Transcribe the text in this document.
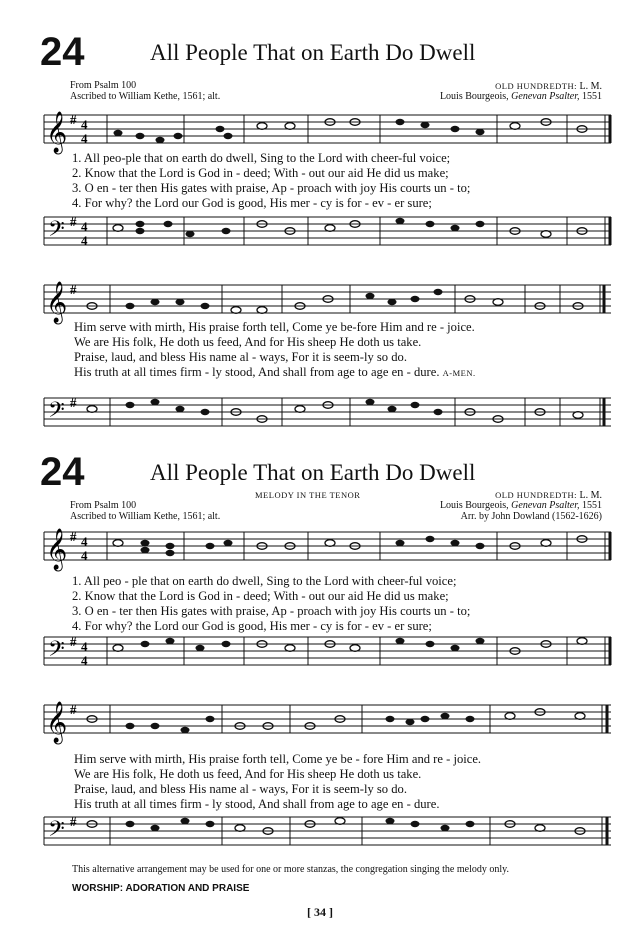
24	All People That on Earth Do Dwell
From Psalm 100
Ascribed to William Kethe, 1561; alt.
OLD HUNDREDTH: L. M.
Louis Bourgeois, Genevan Psalter, 1551
𝄞 # 4
4
1. All peo-ple that on earth do dwell, Sing to the Lord with cheer-ful voice;
2. Know that the Lord is God in - deed; With - out our aid He did us make;
3. O en - ter then His gates with praise, Ap - proach with joy His courts un - to;
4. For why? the Lord our God is good, His mer - cy is for - ev - er sure;
𝄢 # 4
4
𝄞 #
Him serve with mirth, His praise forth tell, Come ye be-fore Him and re - joice.
We are His folk, He doth us feed, And for His sheep He doth us take.
Praise, laud, and bless His name al - ways, For it is seem-ly so do.
His truth at all times firm - ly stood, And shall from age to age en - dure. A-MEN.
𝄢 #
24	All People That on Earth Do Dwell
MELODY IN THE TENOR
From Psalm 100
Ascribed to William Kethe, 1561; alt.
OLD HUNDREDTH: L. M.
Louis Bourgeois, Genevan Psalter, 1551
Arr. by John Dowland (1562-1626)
𝄞 # 4
4
1. All peo - ple that on earth do dwell, Sing to the Lord with cheer-ful voice;
2. Know that the Lord is God in - deed; With - out our aid He did us make;
3. O en - ter then His gates with praise, Ap - proach with joy His courts un - to;
4. For why? the Lord our God is good, His mer - cy is for - ev - er sure;
𝄢 # 4
4
𝄞 #
Him serve with mirth, His praise forth tell, Come ye be - fore Him and re - joice.
We are His folk, He doth us feed, And for His sheep He doth us take.
Praise, laud, and bless His name al - ways, For it is seem-ly so do.
His truth at all times firm - ly stood, And shall from age to age en - dure.
𝄢 #
This alternative arrangement may be used for one or more stanzas, the congregation singing the melody only.
WORSHIP: ADORATION AND PRAISE
[ 34 ]
